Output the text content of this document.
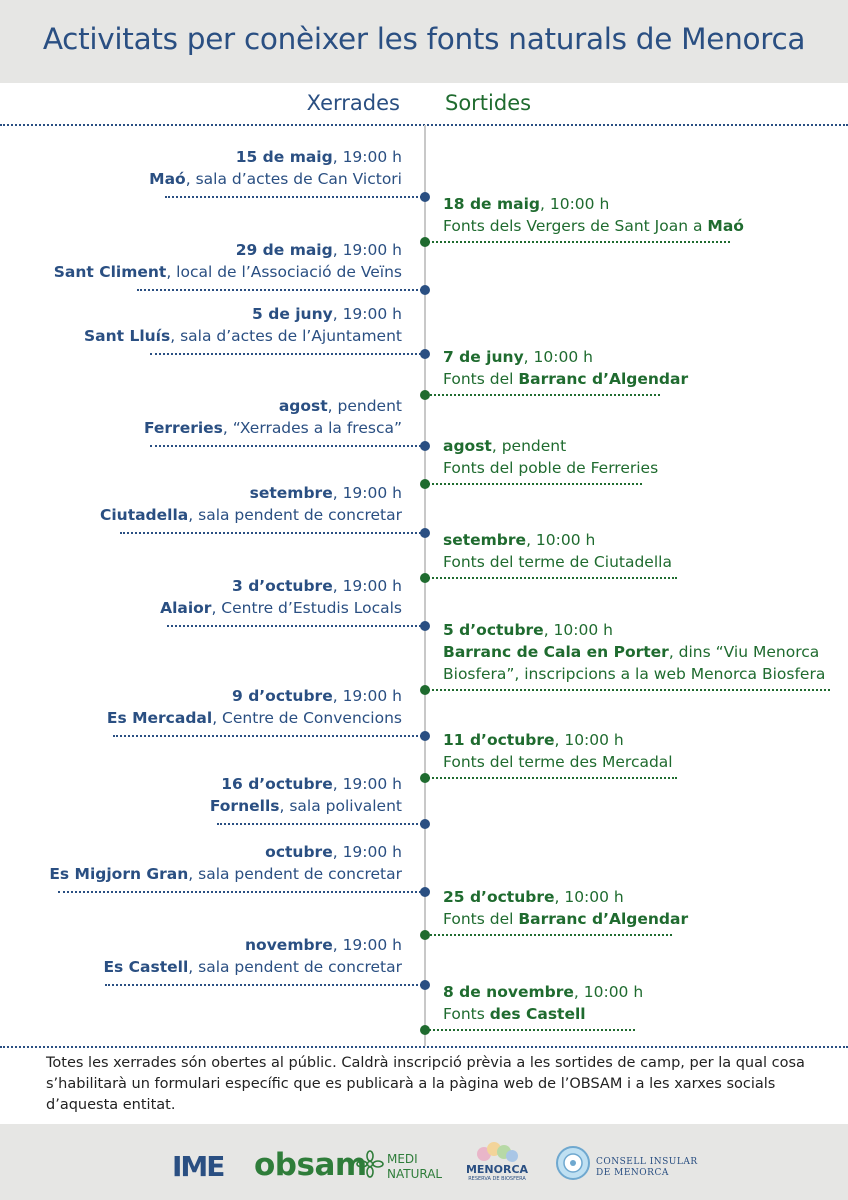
Activitats per conèixer les fonts naturals de Menorca
Xerrades Sortides
15 de maig, 19:00 h
Maó, sala d’actes de Can Victori
29 de maig, 19:00 h
Sant Climent, local de l’Associació de Veïns
5 de juny, 19:00 h
Sant Lluís, sala d’actes de l’Ajuntament
agost, pendent
Ferreries, “Xerrades a la fresca”
setembre, 19:00 h
Ciutadella, sala pendent de concretar
3 d’octubre, 19:00 h
Alaior, Centre d’Estudis Locals
9 d’octubre, 19:00 h
Es Mercadal, Centre de Convencions
16 d’octubre, 19:00 h
Fornells, sala polivalent
octubre, 19:00 h
Es Migjorn Gran, sala pendent de concretar
novembre, 19:00 h
Es Castell, sala pendent de concretar
18 de maig, 10:00 h
Fonts dels Vergers de Sant Joan a Maó
7 de juny, 10:00 h
Fonts del Barranc d’Algendar
agost, pendent
Fonts del poble de Ferreries
setembre, 10:00 h
Fonts del terme de Ciutadella
5 d’octubre, 10:00 h
Barranc de Cala en Porter, dins “Viu Menorca
Biosfera”, inscripcions a la web Menorca Biosfera
11 d’octubre, 10:00 h
Fonts del terme des Mercadal
25 d’octubre, 10:00 h
Fonts del Barranc d’Algendar
8 de novembre, 10:00 h
Fonts des Castell
Totes les xerrades són obertes al públic. Caldrà inscripció prèvia a les sortides de camp, per la qual cosa s’habilitarà un formulari específic que es publicarà a la pàgina web de l’OBSAM i a les xarxes socials d’aquesta entitat.
IME obsam MEDI
NATURAL MENORCA
RESERVA DE BIOSFERA
CONSELL INSULAR
DE MENORCA
